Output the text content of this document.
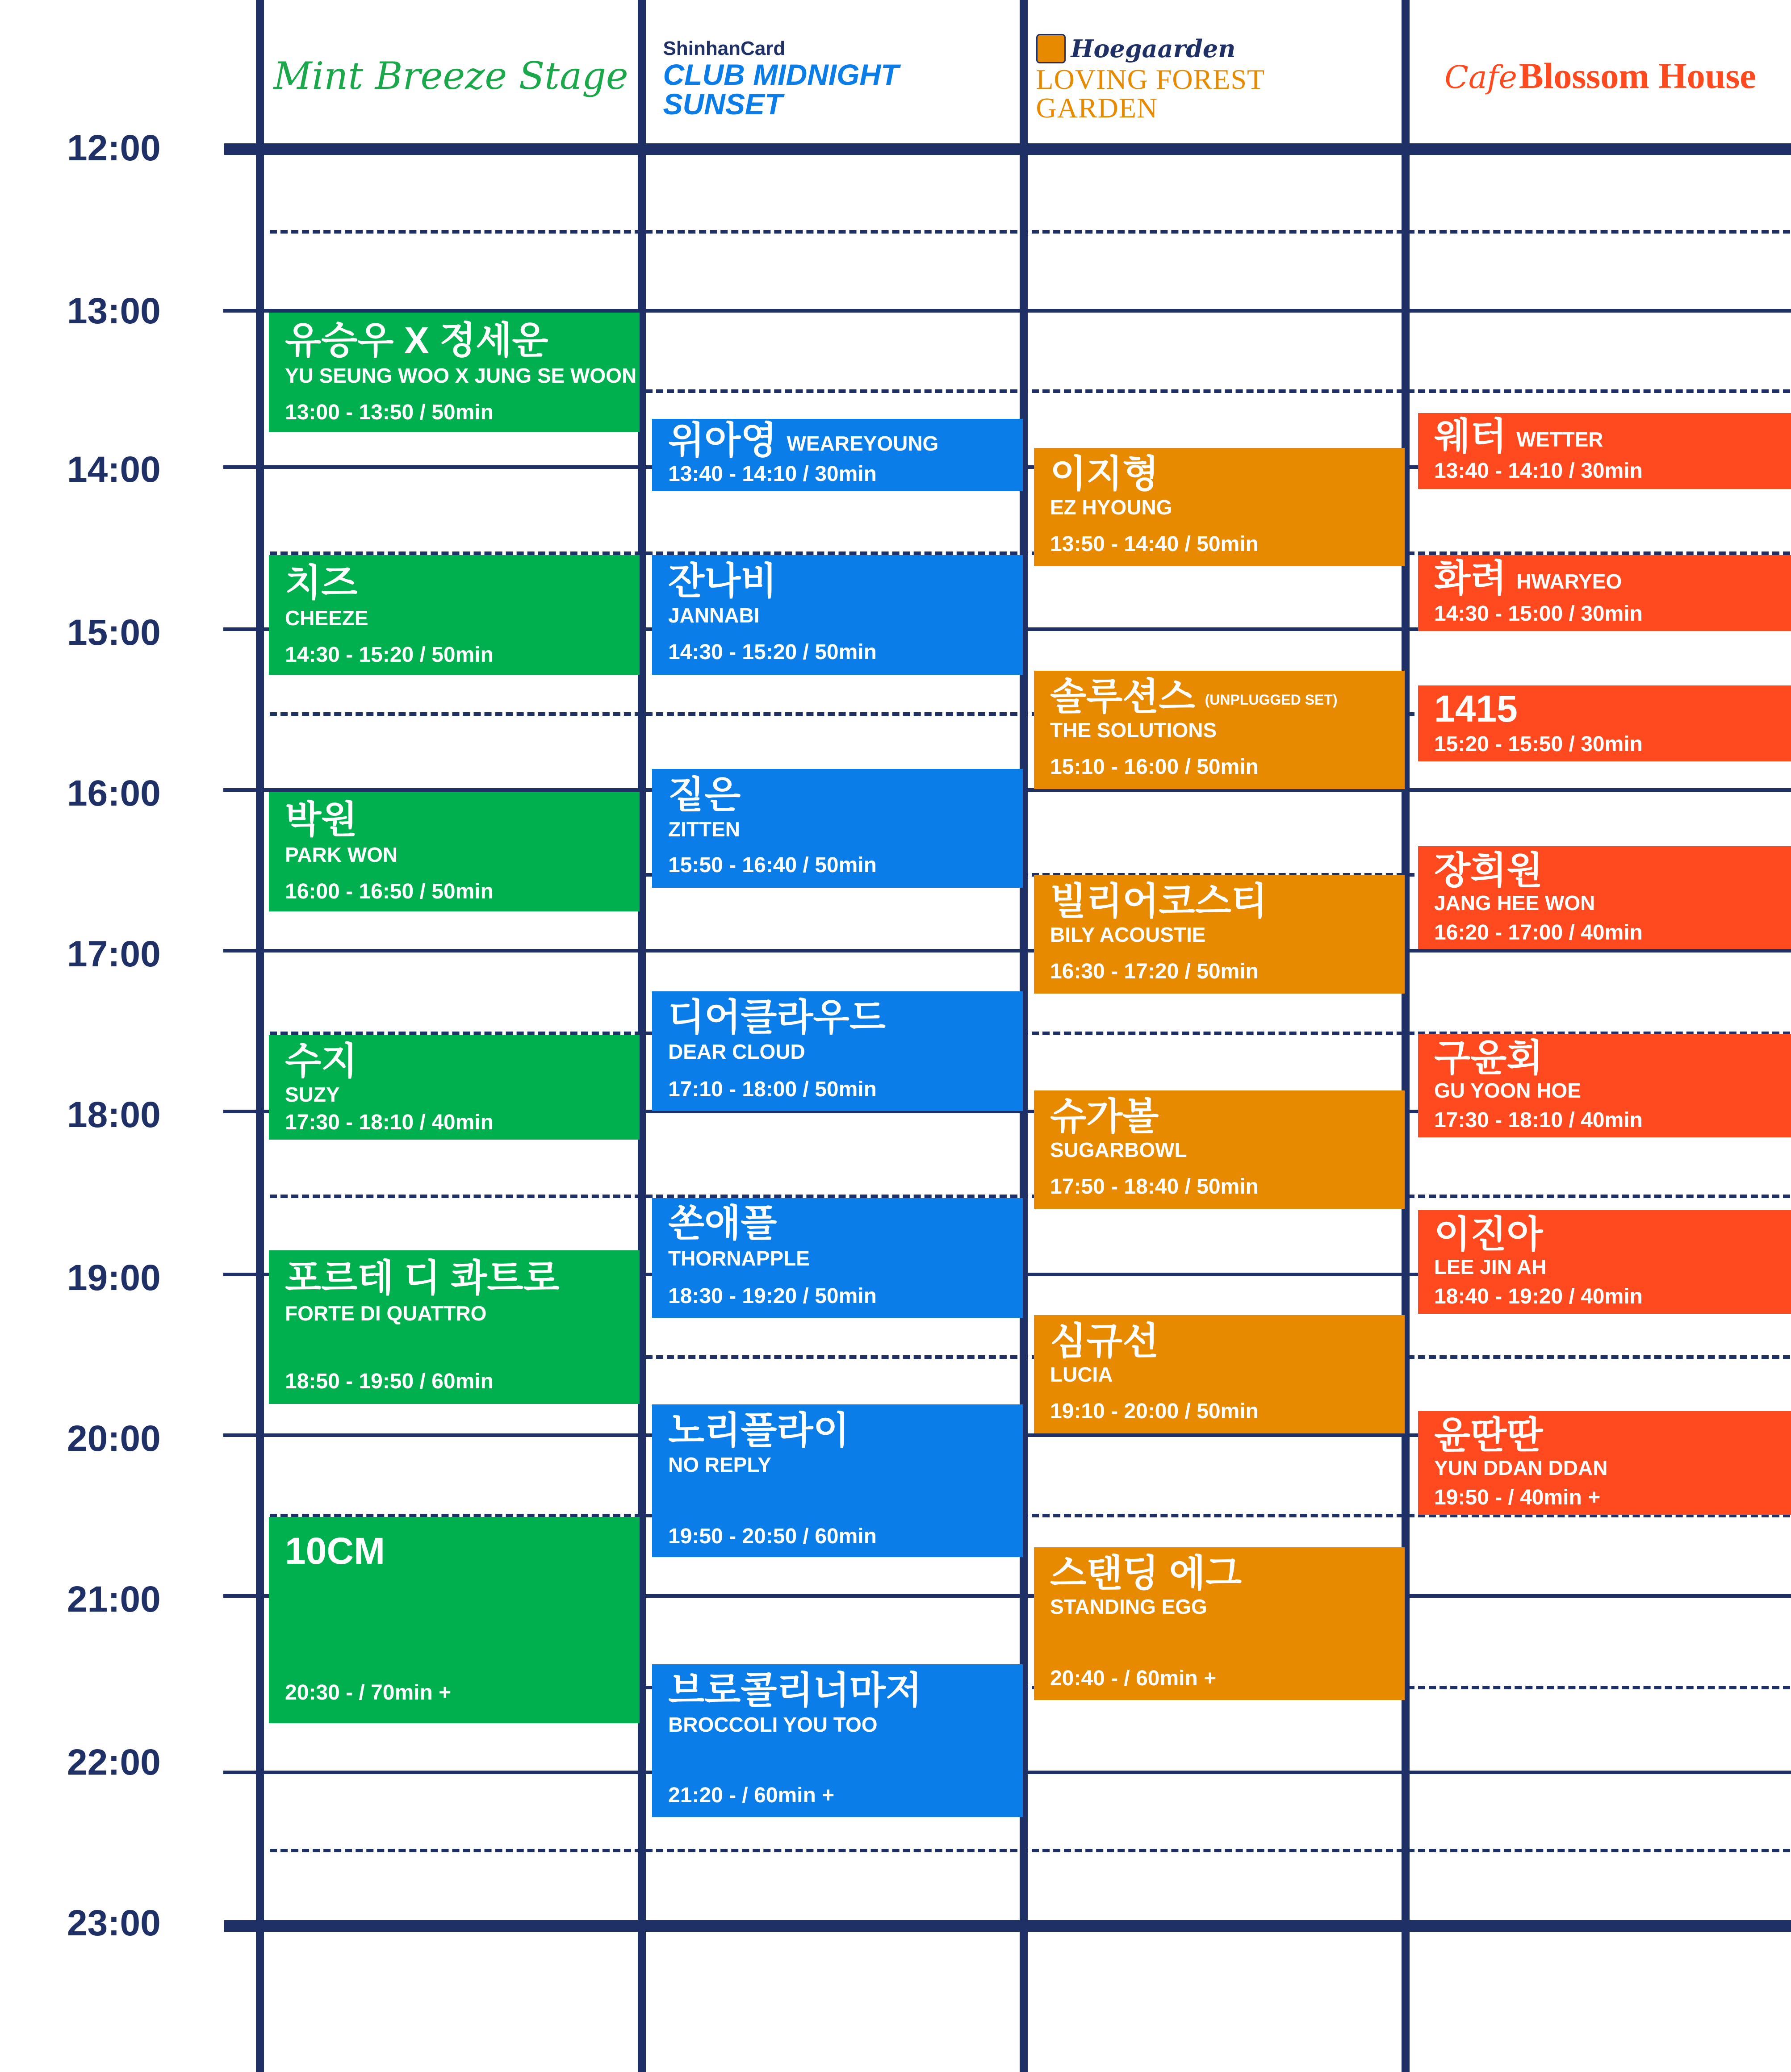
12:00
13:00
14:00
15:00
16:00
17:00
18:00
19:00
20:00
21:00
22:00
23:00
Mint Breeze Stage
ShinhanCard
CLUB MIDNIGHT SUNSET
Hoegaarden
LOVING FOREST GARDEN
Cafe Blossom House
유승우 X 정세운
YU SEUNG WOO X JUNG SE WOON
13:00 - 13:50 / 50min
치즈
CHEEZE
14:30 - 15:20 / 50min
박원
PARK WON
16:00 - 16:50 / 50min
수지
SUZY
17:30 - 18:10 / 40min
포르테 디 콰트로
FORTE DI QUATTRO
18:50 - 19:50 / 60min
10CM
20:30 - / 70min +
위아영 WEAREYOUNG
13:40 - 14:10 / 30min
잔나비
JANNABI
14:30 - 15:20 / 50min
짙은
ZITTEN
15:50 - 16:40 / 50min
디어클라우드
DEAR CLOUD
17:10 - 18:00 / 50min
쏜애플
THORNAPPLE
18:30 - 19:20 / 50min
노리플라이
NO REPLY
19:50 - 20:50 / 60min
브로콜리너마저
BROCCOLI YOU TOO
21:20 - / 60min +
이지형
EZ HYOUNG
13:50 - 14:40 / 50min
솔루션스 (UNPLUGGED SET)
THE SOLUTIONS
15:10 - 16:00 / 50min
빌리어코스티
BILY ACOUSTIE
16:30 - 17:20 / 50min
슈가볼
SUGARBOWL
17:50 - 18:40 / 50min
심규선
LUCIA
19:10 - 20:00 / 50min
스탠딩 에그
STANDING EGG
20:40 - / 60min +
웨터 WETTER
13:40 - 14:10 / 30min
화려 HWARYEO
14:30 - 15:00 / 30min
1415
15:20 - 15:50 / 30min
장희원
JANG HEE WON
16:20 - 17:00 / 40min
구윤회
GU YOON HOE
17:30 - 18:10 / 40min
이진아
LEE JIN AH
18:40 - 19:20 / 40min
윤딴딴
YUN DDAN DDAN
19:50 - / 40min +
